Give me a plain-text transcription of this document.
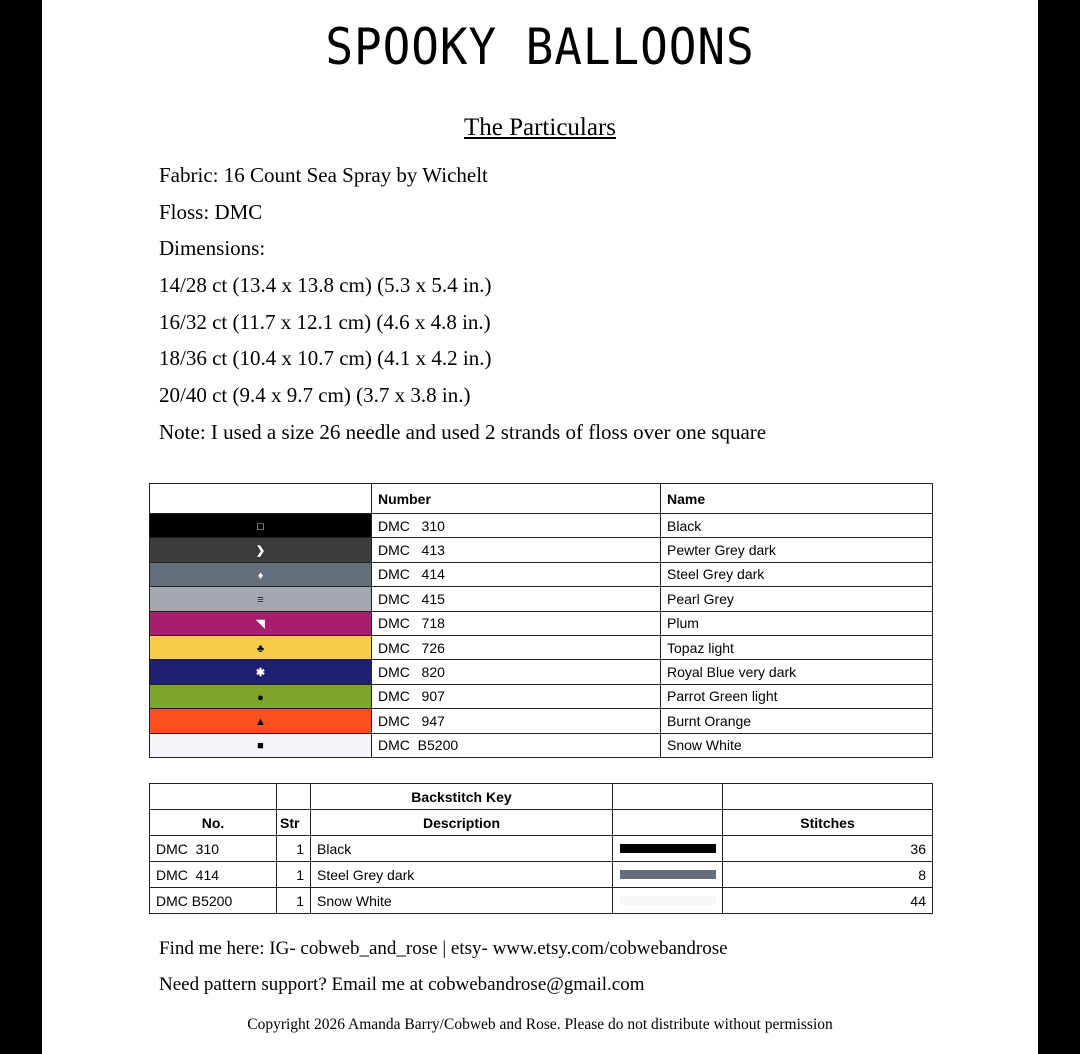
SPOOKY BALLOONS
The Particulars
Fabric: 16 Count Sea Spray by Wichelt
Floss: DMC
Dimensions:
14/28 ct (13.4 x 13.8 cm) (5.3 x 5.4 in.)
16/32 ct (11.7 x 12.1 cm) (4.6 x 4.8 in.)
18/36 ct (10.4 x 10.7 cm) (4.1 x 4.2 in.)
20/40 ct (9.4 x 9.7 cm) (3.7 x 3.8 in.)
Note: I used a size 26 needle and used 2 strands of floss over one square
	Number	Name
□	DMC   310	Black
❯	DMC   413	Pewter Grey dark
♦	DMC   414	Steel Grey dark
≡	DMC   415	Pearl Grey
◥	DMC   718	Plum
♣	DMC   726	Topaz light
✱	DMC   820	Royal Blue very dark
●	DMC   907	Parrot Green light
▲	DMC   947	Burnt Orange
■	DMC  B5200	Snow White
		Backstitch Key		
No.	Str	Description		Stitches
DMC  310	1	Black		36
DMC  414	1	Steel Grey dark		8
DMC B5200	1	Snow White		44
Find me here: IG- cobweb_and_rose | etsy- www.etsy.com/cobwebandrose
Need pattern support? Email me at cobwebandrose@gmail.com
Copyright 2026 Amanda Barry/Cobweb and Rose. Please do not distribute without permission
